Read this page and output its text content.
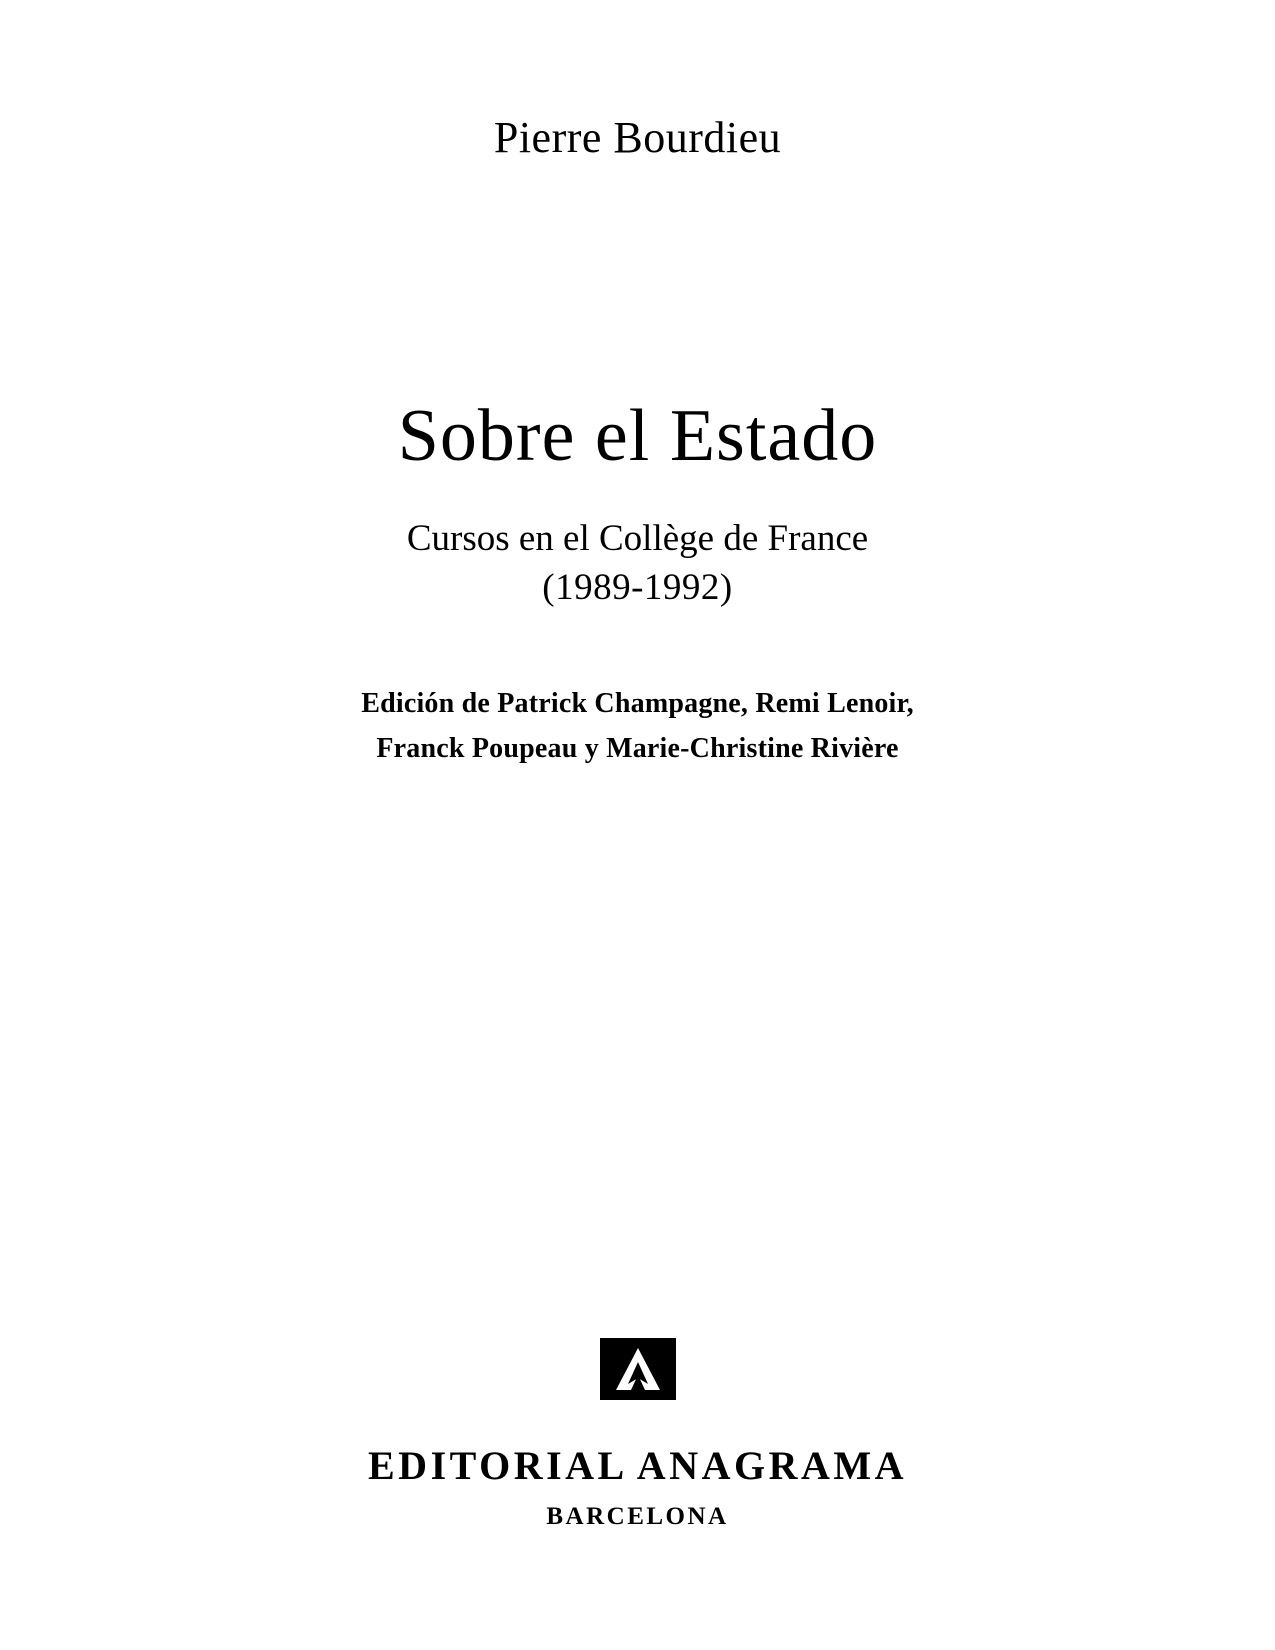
Pierre Bourdieu
Sobre el Estado
Cursos en el Collège de France
(1989-1992)
Edición de Patrick Champagne, Remi Lenoir,
Franck Poupeau y Marie-Christine Rivière
EDITORIAL ANAGRAMA
BARCELONA
